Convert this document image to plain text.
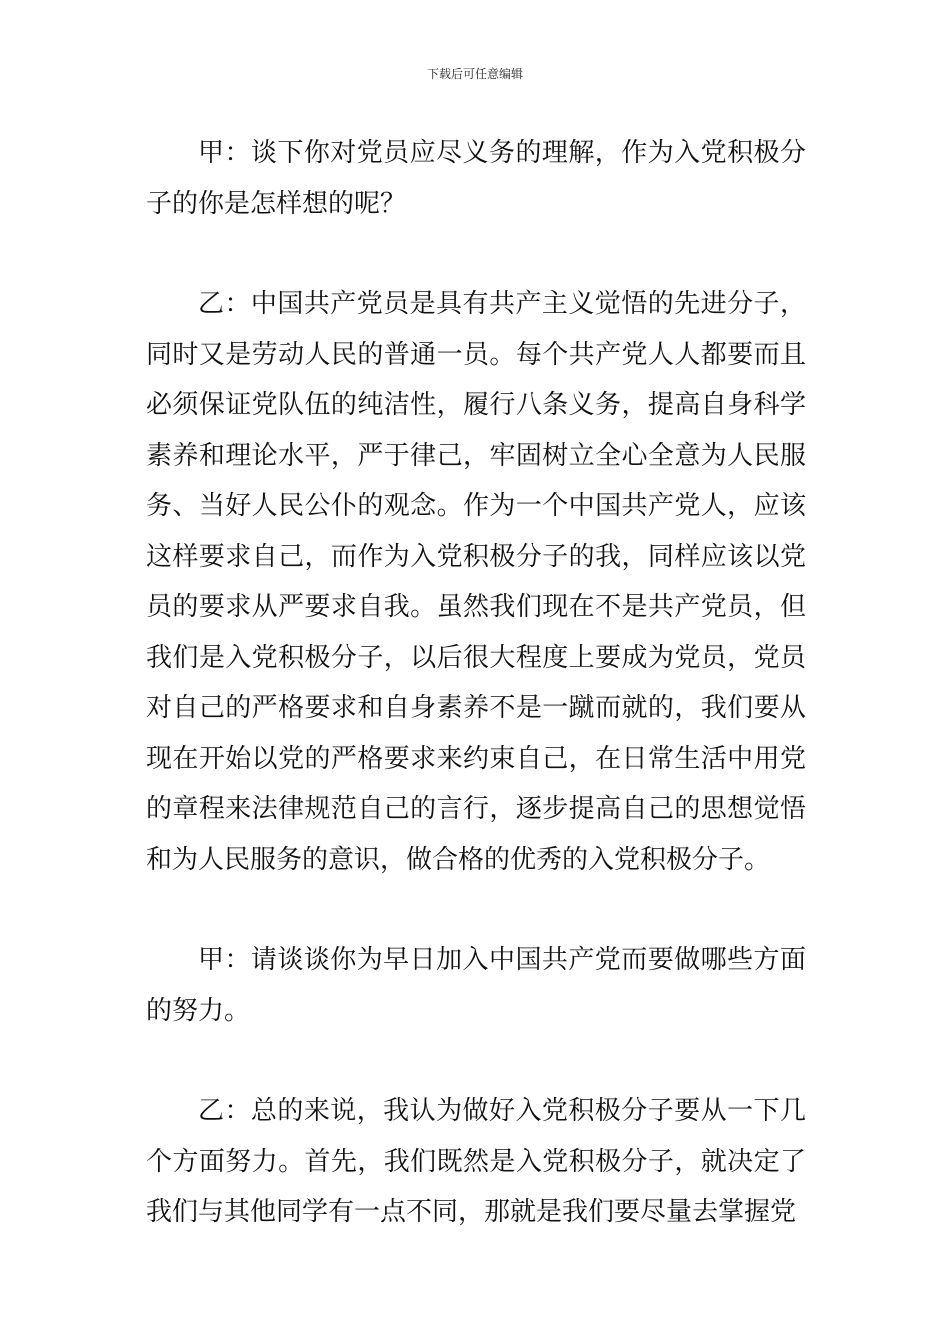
下载后可任意编辑

甲：谈下你对党员应尽义务的理解，作为入党积极分子的你是怎样想的呢？

乙：中国共产党员是具有共产主义觉悟的先进分子，同时又是劳动人民的普通一员。每个共产党人人都要而且必须保证党队伍的纯洁性，履行八条义务，提高自身科学素养和理论水平，严于律己，牢固树立全心全意为人民服务、当好人民公仆的观念。作为一个中国共产党人，应该这样要求自己，而作为入党积极分子的我，同样应该以党员的要求从严要求自我。虽然我们现在不是共产党员，但我们是入党积极分子，以后很大程度上要成为党员，党员对自己的严格要求和自身素养不是一蹴而就的，我们要从现在开始以党的严格要求来约束自己，在日常生活中用党的章程来法律规范自己的言行，逐步提高自己的思想觉悟和为人民服务的意识，做合格的优秀的入党积极分子。

甲：请谈谈你为早日加入中国共产党而要做哪些方面的努力。

乙：总的来说，我认为做好入党积极分子要从一下几个方面努力。首先，我们既然是入党积极分子，就决定了我们与其他同学有一点不同，那就是我们要尽量去掌握党
